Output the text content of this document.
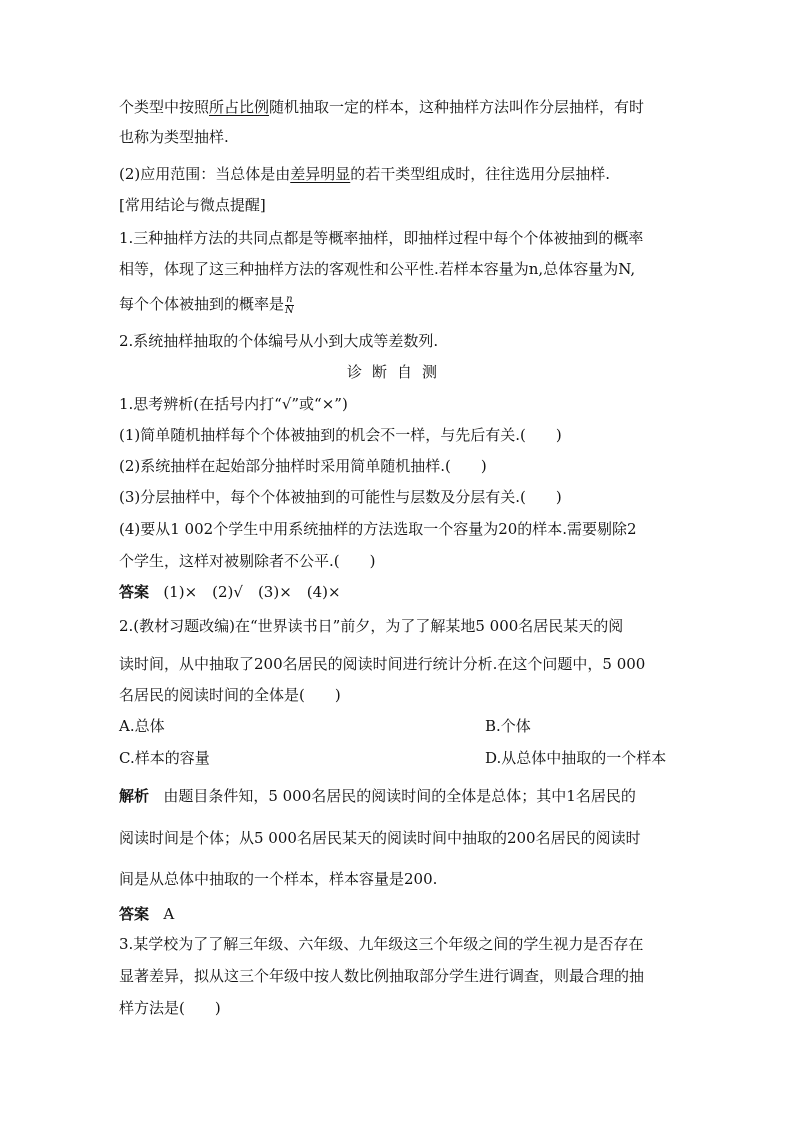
个类型中按照所占比例随机抽取一定的样本，这种抽样方法叫作分层抽样，有时
也称为类型抽样.
(2)应用范围：当总体是由差异明显的若干类型组成时，往往选用分层抽样.
[常用结论与微点提醒]
1.三种抽样方法的共同点都是等概率抽样，即抽样过程中每个个体被抽到的概率
相等，体现了这三种抽样方法的客观性和公平性.若样本容量为n,总体容量为N,
每个个体被抽到的概率是 $\frac{n}{N}$
2.系统抽样抽取的个体编号从小到大成等差数列.
诊断自测
1.思考辨析(在括号内打“√”或“×”)
(1)简单随机抽样每个个体被抽到的机会不一样，与先后有关.(　　)
(2)系统抽样在起始部分抽样时采用简单随机抽样.(　　)
(3)分层抽样中，每个个体被抽到的可能性与层数及分层有关.(　　)
(4)要从1 002个学生中用系统抽样的方法选取一个容量为20的样本.需要剔除2
个学生，这样对被剔除者不公平.(　　)
答案 (1)×　(2)√　(3)×　(4)×
2.(教材习题改编)在“世界读书日”前夕，为了了解某地5 000名居民某天的阅
读时间，从中抽取了200名居民的阅读时间进行统计分析.在这个问题中，5 000
名居民的阅读时间的全体是(　　)
A.总体	B.个体
C.样本的容量	D.从总体中抽取的一个样本
解析 由题目条件知，5 000名居民的阅读时间的全体是总体；其中1名居民的
阅读时间是个体；从5 000名居民某天的阅读时间中抽取的200名居民的阅读时
间是从总体中抽取的一个样本，样本容量是200.
答案 A
3.某学校为了了解三年级、六年级、九年级这三个年级之间的学生视力是否存在
显著差异，拟从这三个年级中按人数比例抽取部分学生进行调查，则最合理的抽
样方法是(　　)
